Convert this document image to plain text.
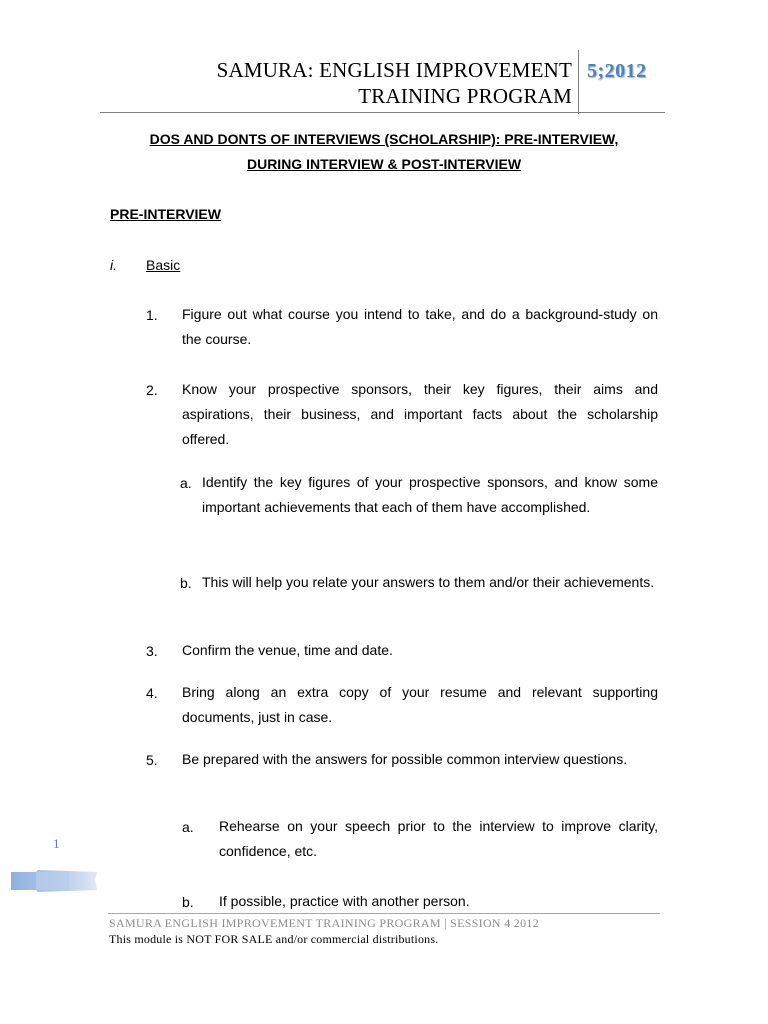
SAMURA: ENGLISH IMPROVEMENT
TRAINING PROGRAM
5;2012
DOS AND DONTS OF INTERVIEWS (SCHOLARSHIP): PRE-INTERVIEW,
DURING INTERVIEW & POST-INTERVIEW
PRE-INTERVIEW
i. Basic
1. Figure out what course you intend to take, and do a background-study on the course.
2. Know your prospective sponsors, their key figures, their aims and aspirations, their business, and important facts about the scholarship offered.
a. Identify the key figures of your prospective sponsors, and know some important achievements that each of them have accomplished.
b. This will help you relate your answers to them and/or their achievements.
3. Confirm the venue, time and date.
4. Bring along an extra copy of your resume and relevant supporting documents, just in case.
5. Be prepared with the answers for possible common interview questions.
a. Rehearse on your speech prior to the interview to improve clarity, confidence, etc.
b. If possible, practice with another person.
1
SAMURA ENGLISH IMPROVEMENT TRAINING PROGRAM | SESSION 4 2012
This module is NOT FOR SALE and/or commercial distributions.
